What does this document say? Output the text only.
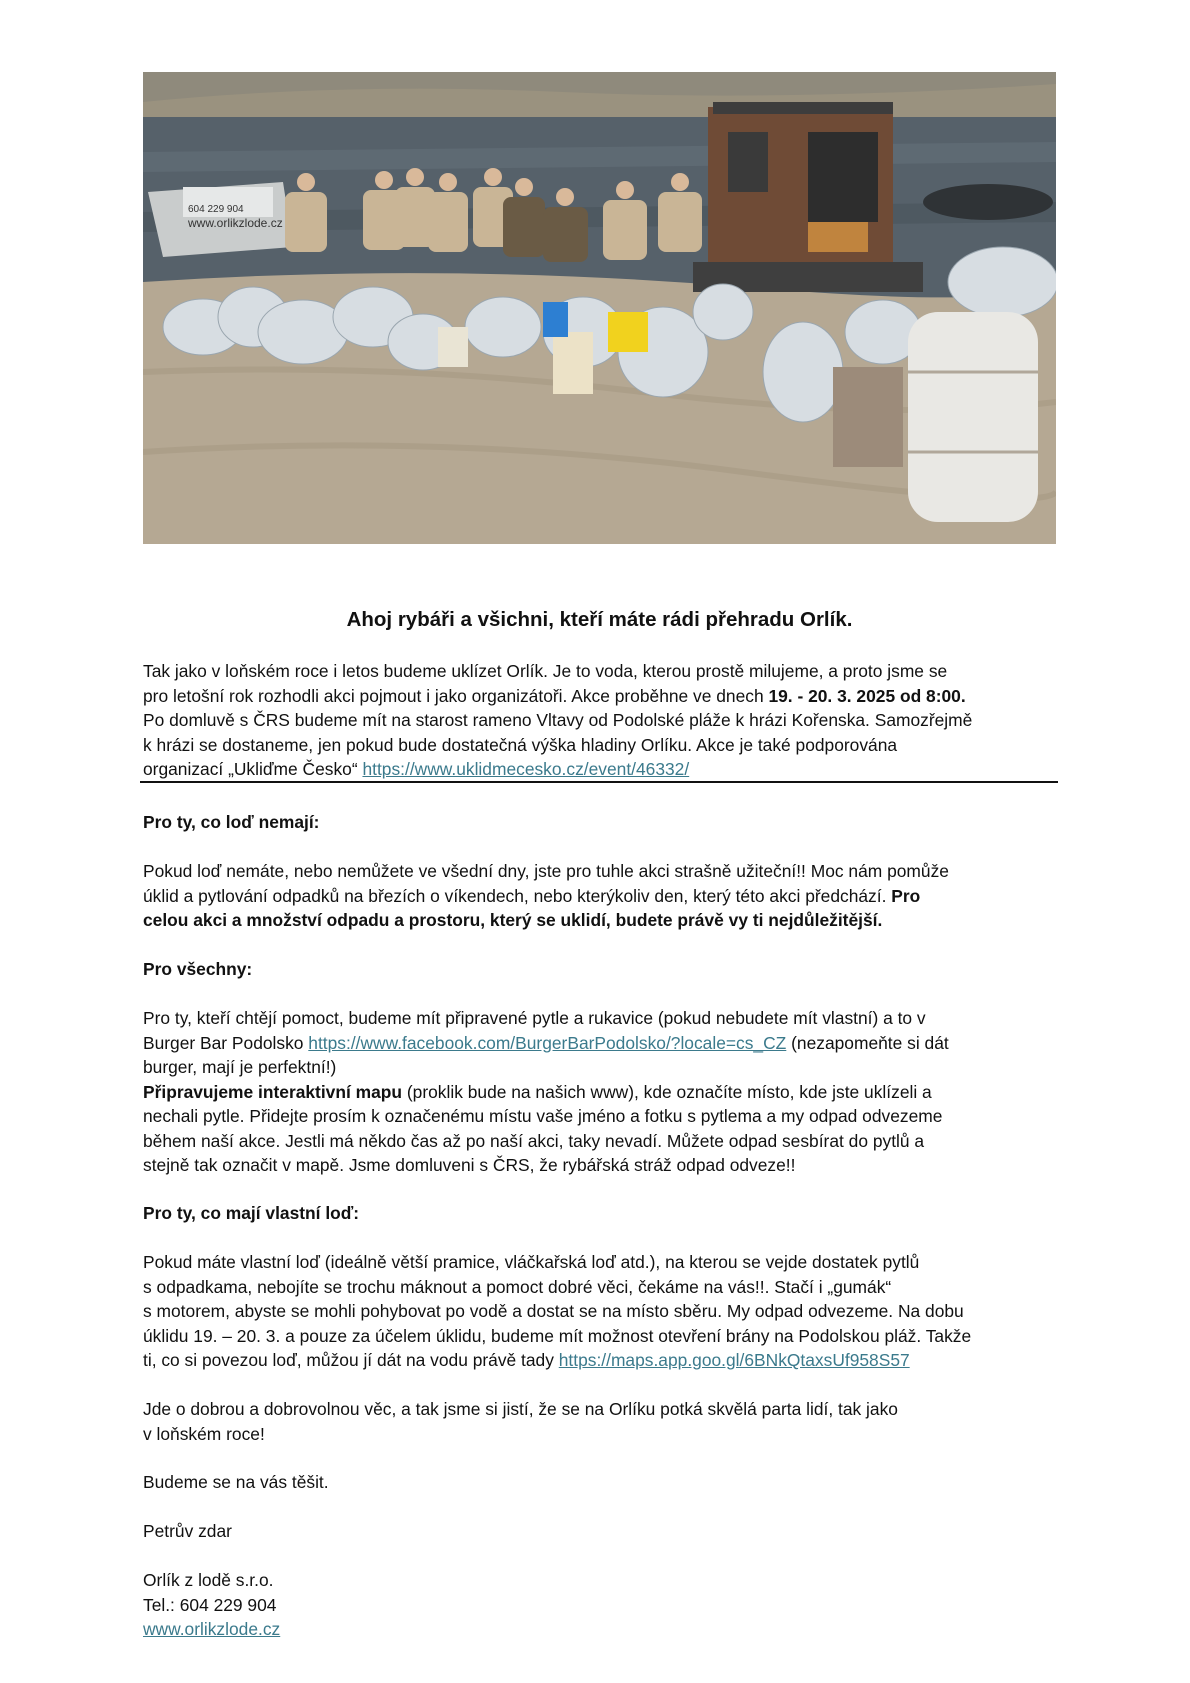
www.orlikzlode.cz
604 229 904
Ahoj rybáři a všichni, kteří máte rádi přehradu Orlík.

Tak jako v loňském roce i letos budeme uklízet Orlík. Je to voda, kterou prostě milujeme, a proto jsme se
pro letošní rok rozhodli akci pojmout i jako organizátoři. Akce proběhne ve dnech 19. - 20. 3. 2025 od 8:00.
Po domluvě s ČRS budeme mít na starost rameno Vltavy od Podolské pláže k hrázi Kořenska. Samozřejmě
k hrázi se dostaneme, jen pokud bude dostatečná výška hladiny Orlíku. Akce je také podporována
organizací „Ukliďme Česko“ https://www.uklidmecesko.cz/event/46332/

Pro ty, co loď nemají:

Pokud loď nemáte, nebo nemůžete ve všední dny, jste pro tuhle akci strašně užiteční!! Moc nám pomůže
úklid a pytlování odpadků na březích o víkendech, nebo kterýkoliv den, který této akci předchází. Pro
celou akci a množství odpadu a prostoru, který se uklidí, budete právě vy ti nejdůležitější.

Pro všechny:

Pro ty, kteří chtějí pomoct, budeme mít připravené pytle a rukavice (pokud nebudete mít vlastní) a to v
Burger Bar Podolsko https://www.facebook.com/BurgerBarPodolsko/?locale=cs_CZ (nezapomeňte si dát
burger, mají je perfektní!)
Připravujeme interaktivní mapu (proklik bude na našich www), kde označíte místo, kde jste uklízeli a
nechali pytle. Přidejte prosím k označenému místu vaše jméno a fotku s pytlema a my odpad odvezeme
během naší akce. Jestli má někdo čas až po naší akci, taky nevadí. Můžete odpad sesbírat do pytlů a
stejně tak označit v mapě. Jsme domluveni s ČRS, že rybářská stráž odpad odveze!!

Pro ty, co mají vlastní loď:

Pokud máte vlastní loď (ideálně větší pramice, vláčkařská loď atd.), na kterou se vejde dostatek pytlů
s odpadkama, nebojíte se trochu máknout a pomoct dobré věci, čekáme na vás!!. Stačí i „gumák“
s motorem, abyste se mohli pohybovat po vodě a dostat se na místo sběru. My odpad odvezeme. Na dobu
úklidu 19. – 20. 3. a pouze za účelem úklidu, budeme mít možnost otevření brány na Podolskou pláž. Takže
ti, co si povezou loď, můžou jí dát na vodu právě tady https://maps.app.goo.gl/6BNkQtaxsUf958S57

Jde o dobrou a dobrovolnou věc, a tak jsme si jistí, že se na Orlíku potká skvělá parta lidí, tak jako
v loňském roce!

Budeme se na vás těšit.

Petrův zdar

Orlík z lodě s.r.o.
Tel.: 604 229 904
www.orlikzlode.cz
